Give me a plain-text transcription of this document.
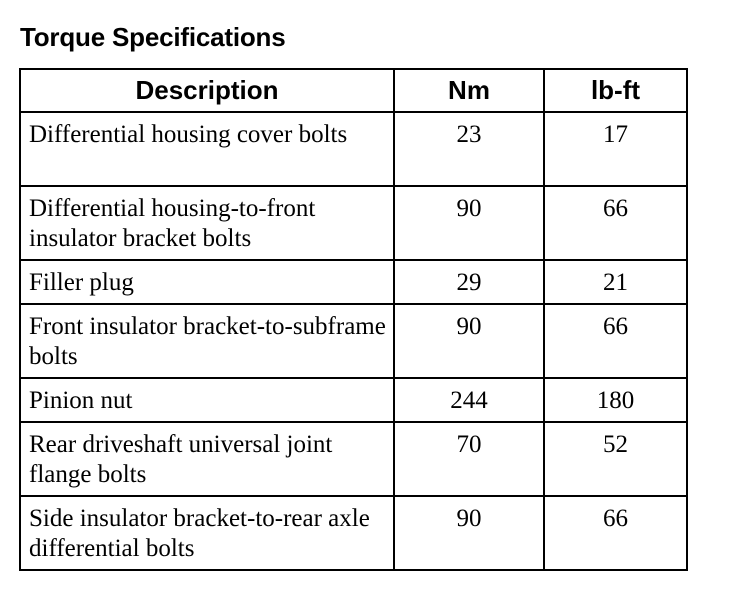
Torque Specifications
Description	Nm	lb-ft
Differential housing cover bolts	23	17
Differential housing-to-front insulator bracket bolts	90	66
Filler plug	29	21
Front insulator bracket-to-subframe bolts	90	66
Pinion nut	244	180
Rear driveshaft universal joint flange bolts	70	52
Side insulator bracket-to-rear axle differential bolts	90	66
